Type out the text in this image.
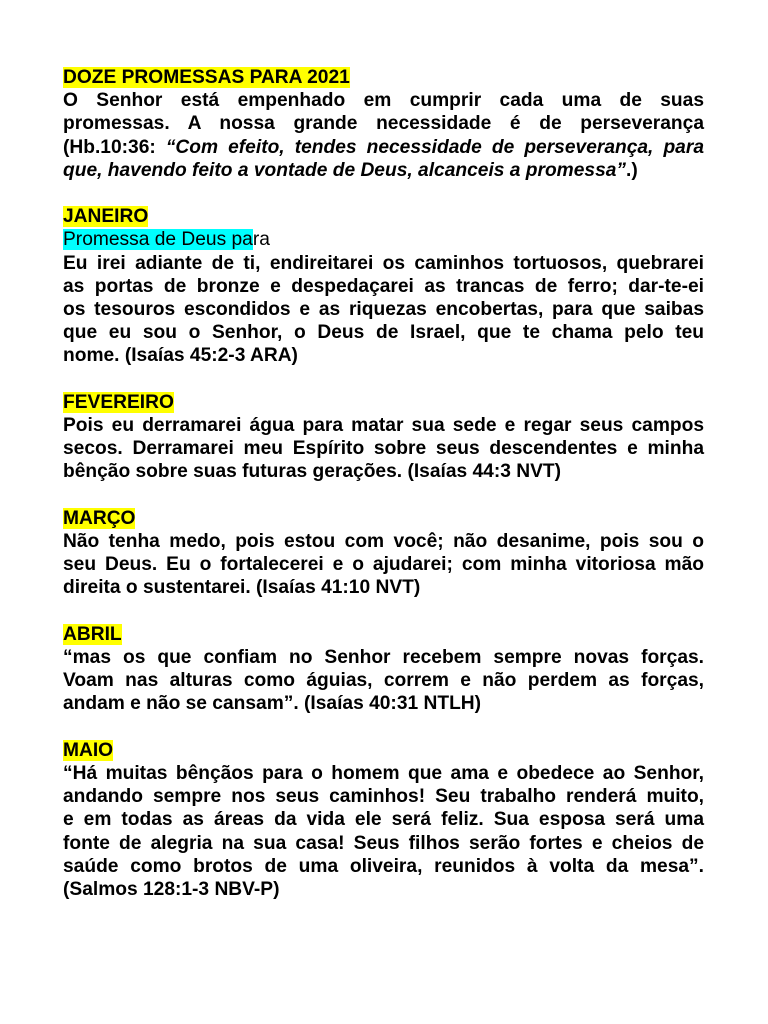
DOZE PROMESSAS PARA 2021
O Senhor está empenhado em cumprir cada uma de suas
promessas. A nossa grande necessidade é de perseverança
(Hb.10:36: “Com efeito, tendes necessidade de perseverança, para
que, havendo feito a vontade de Deus, alcanceis a promessa”.)
JANEIRO
Promessa de Deus para
Eu irei adiante de ti, endireitarei os caminhos tortuosos, quebrarei
as portas de bronze e despedaçarei as trancas de ferro; dar-te-ei
os tesouros escondidos e as riquezas encobertas, para que saibas
que eu sou o Senhor, o Deus de Israel, que te chama pelo teu
nome. (Isaías 45:2-3 ARA)
FEVEREIRO
Pois eu derramarei água para matar sua sede e regar seus campos
secos. Derramarei meu Espírito sobre seus descendentes e minha
bênção sobre suas futuras gerações. (Isaías 44:3 NVT)
MARÇO
Não tenha medo, pois estou com você; não desanime, pois sou o
seu Deus. Eu o fortalecerei e o ajudarei; com minha vitoriosa mão
direita o sustentarei. (Isaías 41:10 NVT)
ABRIL
“mas os que confiam no Senhor recebem sempre novas forças.
Voam nas alturas como águias, correm e não perdem as forças,
andam e não se cansam”. (Isaías 40:31 NTLH)
MAIO
“Há muitas bênçãos para o homem que ama e obedece ao Senhor,
andando sempre nos seus caminhos! Seu trabalho renderá muito,
e em todas as áreas da vida ele será feliz. Sua esposa será uma
fonte de alegria na sua casa! Seus filhos serão fortes e cheios de
saúde como brotos de uma oliveira, reunidos à volta da mesa”.
(Salmos 128:1-3 NBV-P)
